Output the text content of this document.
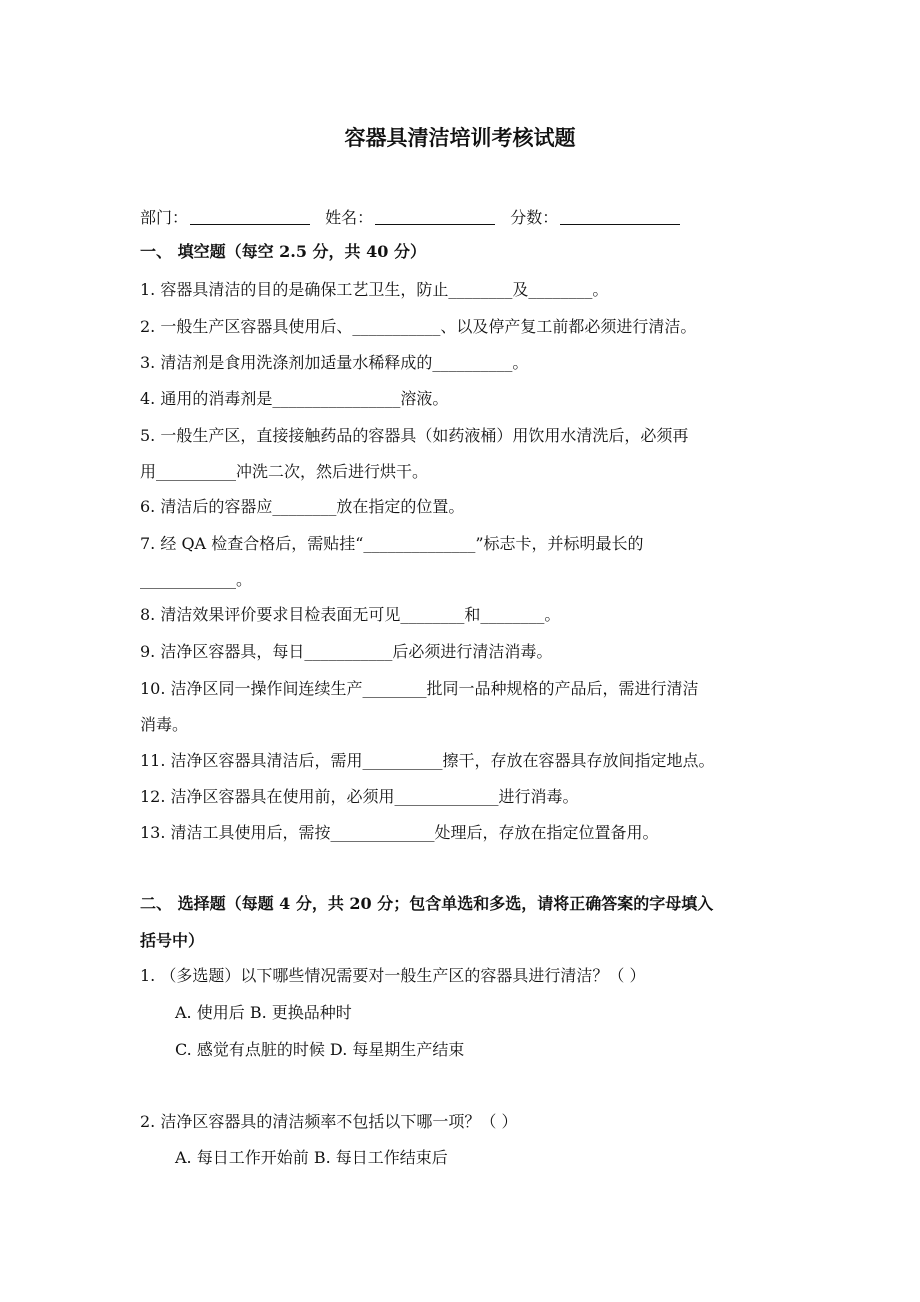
容器具清洁培训考核试题
部门：	姓名：	分数：
一、 填空题（每空 2.5 分，共 40 分）
1. 容器具清洁的目的是确保工艺卫生，防止________及________。
2. 一般生产区容器具使用后、___________、以及停产复工前都必须进行清洁。
3. 清洁剂是食用洗涤剂加适量水稀释成的__________。
4. 通用的消毒剂是________________溶液。
5. 一般生产区，直接接触药品的容器具（如药液桶）用饮用水清洗后，必须再
用__________冲洗二次，然后进行烘干。
6. 清洁后的容器应________放在指定的位置。
7. 经 QA 检查合格后，需贴挂“______________”标志卡，并标明最长的
____________。
8. 清洁效果评价要求目检表面无可见________和________。
9. 洁净区容器具，每日___________后必须进行清洁消毒。
10. 洁净区同一操作间连续生产________批同一品种规格的产品后，需进行清洁
消毒。
11. 洁净区容器具清洁后，需用__________擦干，存放在容器具存放间指定地点。
12. 洁净区容器具在使用前，必须用_____________进行消毒。
13. 清洁工具使用后，需按_____________处理后，存放在指定位置备用。
二、 选择题（每题 4 分，共 20 分；包含单选和多选，请将正确答案的字母填入
括号中）
1. （多选题）以下哪些情况需要对一般生产区的容器具进行清洁？（ ）
A. 使用后 B. 更换品种时
C. 感觉有点脏的时候 D. 每星期生产结束
2. 洁净区容器具的清洁频率不包括以下哪一项？（ ）
A. 每日工作开始前 B. 每日工作结束后
